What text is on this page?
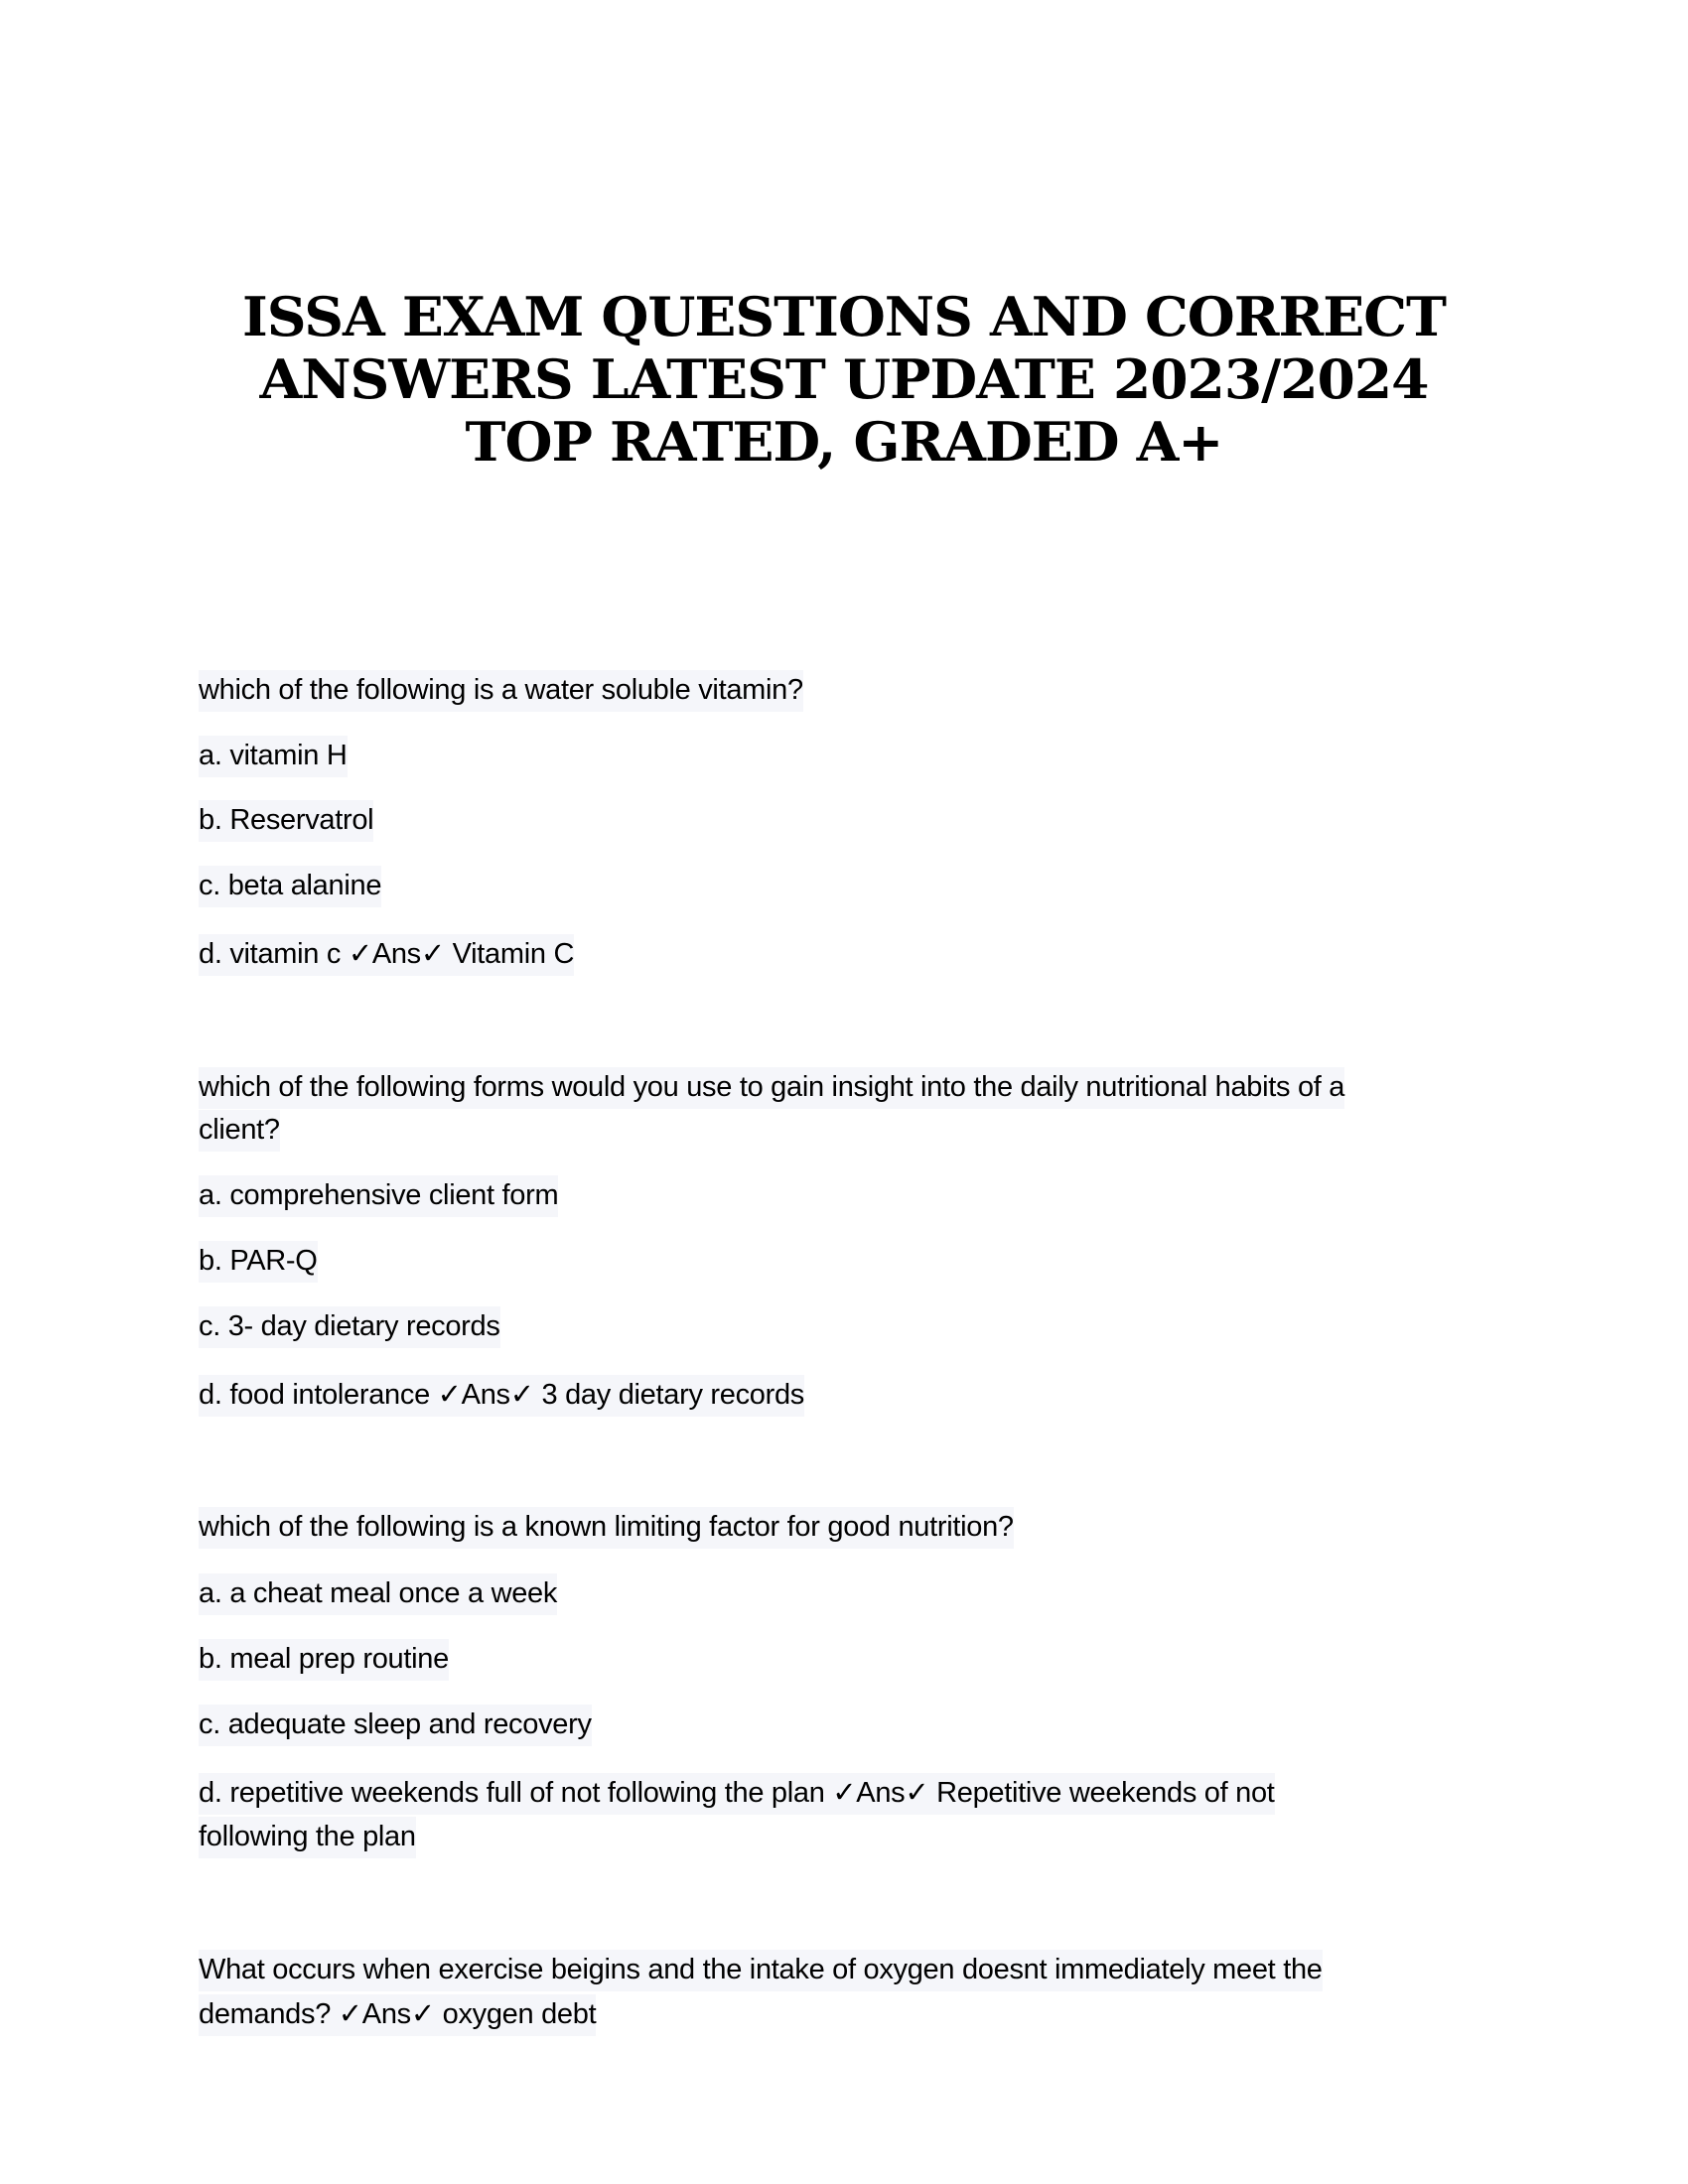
ISSA EXAM QUESTIONS AND CORRECT
ANSWERS LATEST UPDATE 2023/2024
TOP RATED, GRADED A+
which of the following is a water soluble vitamin?
a. vitamin H
b. Reservatrol
c. beta alanine
d. vitamin c ✓Ans✓ Vitamin C
which of the following forms would you use to gain insight into the daily nutritional habits of a
client?
a. comprehensive client form
b. PAR-Q
c. 3- day dietary records
d. food intolerance ✓Ans✓ 3 day dietary records
which of the following is a known limiting factor for good nutrition?
a. a cheat meal once a week
b. meal prep routine
c. adequate sleep and recovery
d. repetitive weekends full of not following the plan ✓Ans✓ Repetitive weekends of not
following the plan
What occurs when exercise beigins and the intake of oxygen doesnt immediately meet the
demands? ✓Ans✓ oxygen debt
